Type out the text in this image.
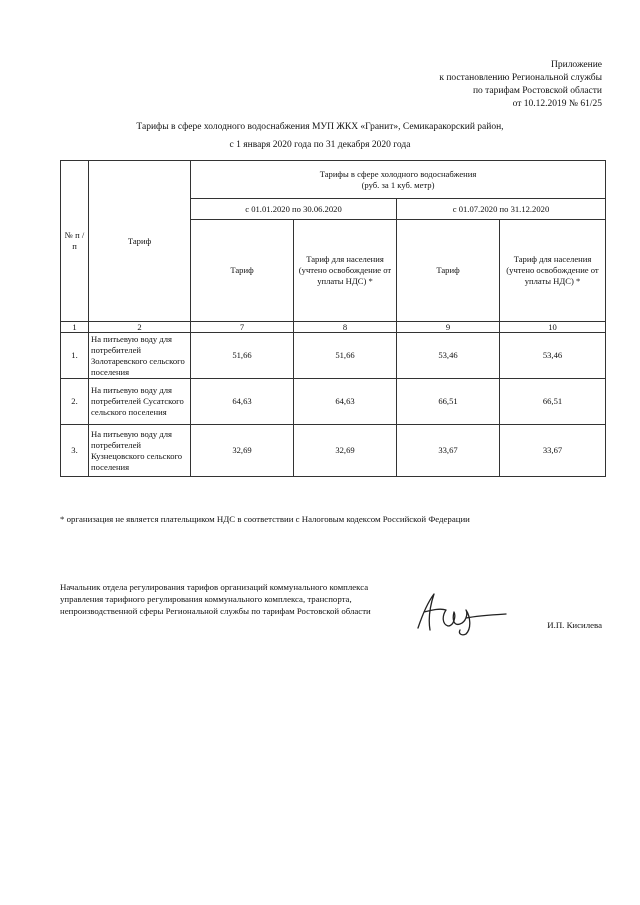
Приложение
к постановлению Региональной службы
по тарифам Ростовской области
от 10.12.2019 № 61/25
Тарифы в сфере холодного водоснабжения МУП ЖКХ «Гранит», Семикаракорский район,
с 1 января 2020 года по 31 декабря 2020 года
№ п /п	Тариф	Тарифы в сфере холодного водоснабжения
(руб. за 1 куб. метр)			

		с 01.01.2020 по 30.06.2020		с 01.07.2020 по 31.12.2020	
		Тариф	Тариф для населения (учтено освобождение от уплаты НДС) *	Тариф	Тариф для населения (учтено освобождение от уплаты НДС) *
1	2	7	8	9	10
1.	На питьевую воду для потребителей Золотаревского сельского поселения	51,66	51,66	53,46	53,46
2.	На питьевую воду для потребителей Сусатского сельского поселения	64,63	64,63	66,51	66,51
3.	На питьевую воду для потребителей Кузнецовского сельского поселения	32,69	32,69	33,67	33,67
* организация не является плательщиком НДС в соответствии с Налоговым кодексом Российской Федерации
Начальник отдела регулирования тарифов организаций коммунального комплекса управления тарифного регулирования коммунального комплекса, транспорта, непроизводственной сферы Региональной службы по тарифам Ростовской области
И.П. Кисилева
